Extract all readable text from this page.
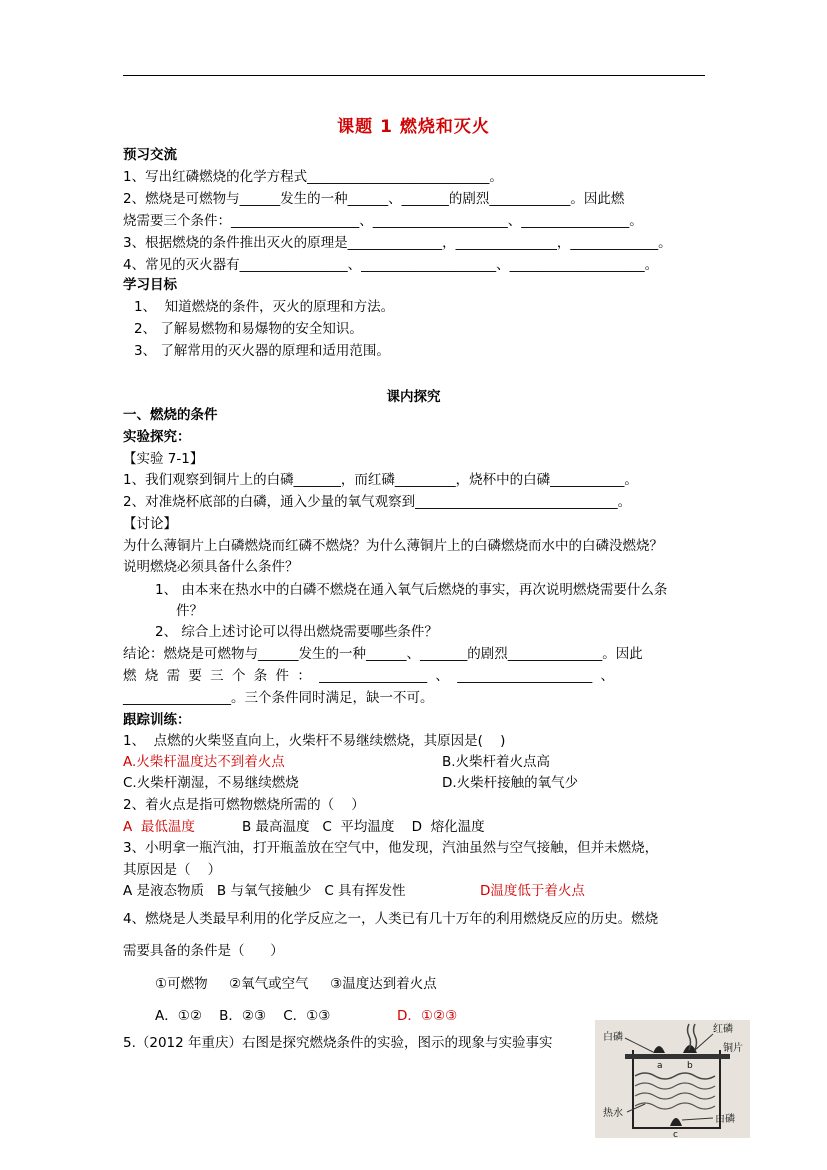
课题 1 燃烧和灭火
预习交流
1、写出红磷燃烧的化学方程式___________________________。
2、燃烧是可燃物与______发生的一种______、_______的剧烈____________。因此燃
烧需要三个条件：___________________、____________________、________________。
3、根据燃烧的条件推出灭火的原理是______________，_______________，_____________。
4、常见的灭火器有________________、____________________、____________________。
学习目标
1、  知道燃烧的条件，灭火的原理和方法。
2、 了解易燃物和易爆物的安全知识。
3、 了解常用的灭火器的原理和适用范围。
课内探究
一、燃烧的条件
实验探究：
【实验 7-1】
1、我们观察到铜片上的白磷_______，而红磷_________，烧杯中的白磷___________。
2、对准烧杯底部的白磷，通入少量的氧气观察到______________________________。
【讨论】
为什么薄铜片上白磷燃烧而红磷不燃烧？为什么薄铜片上的白磷燃烧而水中的白磷没燃烧？
说明燃烧必须具备什么条件？
1、 由本来在热水中的白磷不燃烧在通入氧气后燃烧的事实，再次说明燃烧需要什么条
件？
2、 综合上述讨论可以得出燃烧需要哪些条件？
结论：燃烧是可燃物与______发生的一种______、_______的剧烈______________。因此
燃 烧 需 要 三 个 条 件 ： ________________ 、 ____________________ 、
________________。三个条件同时满足，缺一不可。
跟踪训练：
1、  点燃的火柴竖直向上，火柴杆不易继续燃烧，其原因是(    )
A.火柴杆温度达不到着火点	B.火柴杆着火点高
C.火柴杆潮湿，不易继续燃烧	D.火柴杆接触的氧气少
2、着火点是指可燃物燃烧所需的（    ）
A  最低温度	B 最高温度   C  平均温度    D  熔化温度
3、小明拿一瓶汽油，打开瓶盖放在空气中，他发现，汽油虽然与空气接触，但并未燃烧，
其原因是（    ）
A 是液态物质   B 与氧气接触少   C 具有挥发性	D温度低于着火点
4、燃烧是人类最早利用的化学反应之一，人类已有几十万年的利用燃烧反应的历史。燃烧
需要具备的条件是（      ）
①可燃物     ②氧气或空气     ③温度达到着火点
A．①②    B．②③    C．①③	D．①②③
5.（2012 年重庆）右图是探究燃烧条件的实验，图示的现象与实验事实	白磷
红磷
铜片
热水
白磷
a	b
c
